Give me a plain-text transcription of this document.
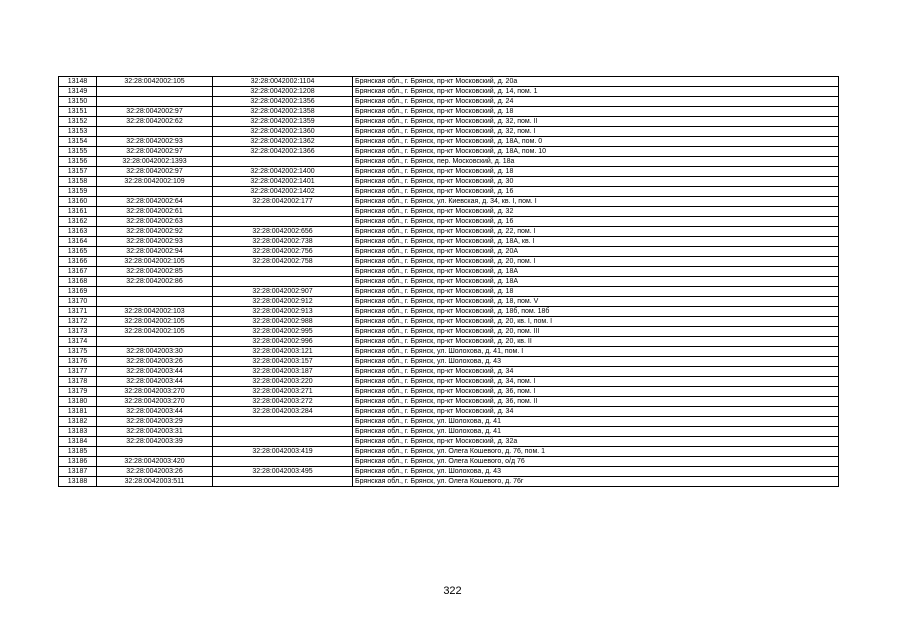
13148	32:28:0042002:105	32:28:0042002:1104	Брянская обл., г. Брянск, пр-кт Московский, д. 20а
13149		32:28:0042002:1208	Брянская обл., г. Брянск, пр-кт Московский, д. 14, пом. 1
13150		32:28:0042002:1356	Брянская обл., г. Брянск, пр-кт Московский, д. 24
13151	32:28:0042002:97	32:28:0042002:1358	Брянская обл., г. Брянск, пр-кт Московский, д. 18
13152	32:28:0042002:62	32:28:0042002:1359	Брянская обл., г. Брянск, пр-кт Московский, д. 32, пом. II
13153		32:28:0042002:1360	Брянская обл., г. Брянск, пр-кт Московский, д. 32, пом. I
13154	32:28:0042002:93	32:28:0042002:1362	Брянская обл., г. Брянск, пр-кт Московский, д. 18А, пом. 0
13155	32:28:0042002:97	32:28:0042002:1366	Брянская обл., г. Брянск, пр-кт Московский, д. 18А, пом. 10
13156	32:28:0042002:1393		Брянская обл., г. Брянск, пер. Московский, д. 18а
13157	32:28:0042002:97	32:28:0042002:1400	Брянская обл., г. Брянск, пр-кт Московский, д. 18
13158	32:28:0042002:109	32:28:0042002:1401	Брянская обл., г. Брянск, пр-кт Московский, д. 30
13159		32:28:0042002:1402	Брянская обл., г. Брянск, пр-кт Московский, д. 16
13160	32:28:0042002:64	32:28:0042002:177	Брянская обл., г. Брянск, ул. Киевская, д. 34, кв. I, пом. I
13161	32:28:0042002:61		Брянская обл., г. Брянск, пр-кт Московский, д. 32
13162	32:28:0042002:63		Брянская обл., г. Брянск, пр-кт Московский, д. 16
13163	32:28:0042002:92	32:28:0042002:656	Брянская обл., г. Брянск, пр-кт Московский, д. 22, пом. I
13164	32:28:0042002:93	32:28:0042002:738	Брянская обл., г. Брянск, пр-кт Московский, д. 18А, кв. I
13165	32:28:0042002:94	32:28:0042002:756	Брянская обл., г. Брянск, пр-кт Московский, д. 20А
13166	32:28:0042002:105	32:28:0042002:758	Брянская обл., г. Брянск, пр-кт Московский, д. 20, пом. I
13167	32:28:0042002:85		Брянская обл., г. Брянск, пр-кт Московский, д. 18А
13168	32:28:0042002:86		Брянская обл., г. Брянск, пр-кт Московский, д. 18А
13169		32:28:0042002:907	Брянская обл., г. Брянск, пр-кт Московский, д. 18
13170		32:28:0042002:912	Брянская обл., г. Брянск, пр-кт Московский, д. 18, пом. V
13171	32:28:0042002:103	32:28:0042002:913	Брянская обл., г. Брянск, пр-кт Московский, д. 18б, пом. 18б
13172	32:28:0042002:105	32:28:0042002:988	Брянская обл., г. Брянск, пр-кт Московский, д. 20, кв. I, пом. I
13173	32:28:0042002:105	32:28:0042002:995	Брянская обл., г. Брянск, пр-кт Московский, д. 20, пом. III
13174		32:28:0042002:996	Брянская обл., г. Брянск, пр-кт Московский, д. 20, кв. II
13175	32:28:0042003:30	32:28:0042003:121	Брянская обл., г. Брянск, ул. Шолохова, д. 41, пом. I
13176	32:28:0042003:26	32:28:0042003:157	Брянская обл., г. Брянск, ул. Шолохова, д. 43
13177	32:28:0042003:44	32:28:0042003:187	Брянская обл., г. Брянск, пр-кт Московский, д. 34
13178	32:28:0042003:44	32:28:0042003:220	Брянская обл., г. Брянск, пр-кт Московский, д. 34, пом. I
13179	32:28:0042003:270	32:28:0042003:271	Брянская обл., г. Брянск, пр-кт Московский, д. 36, пом. I
13180	32:28:0042003:270	32:28:0042003:272	Брянская обл., г. Брянск, пр-кт Московский, д. 36, пом. II
13181	32:28:0042003:44	32:28:0042003:284	Брянская обл., г. Брянск, пр-кт Московский, д. 34
13182	32:28:0042003:29		Брянская обл., г. Брянск, ул. Шолохова, д. 41
13183	32:28:0042003:31		Брянская обл., г. Брянск, ул. Шолохова, д. 41
13184	32:28:0042003:39		Брянская обл., г. Брянск, пр-кт Московский, д. 32а
13185		32:28:0042003:419	Брянская обл., г. Брянск, ул. Олега Кошевого, д. 76, пом. 1
13186	32:28:0042003:420		Брянская обл., г. Брянск, ул. Олега Кошевого, о/д 76
13187	32:28:0042003:26	32:28:0042003:495	Брянская обл., г. Брянск, ул. Шолохова, д. 43
13188	32:28:0042003:511		Брянская обл., г. Брянск, ул. Олега Кошевого, д. 76г
322
